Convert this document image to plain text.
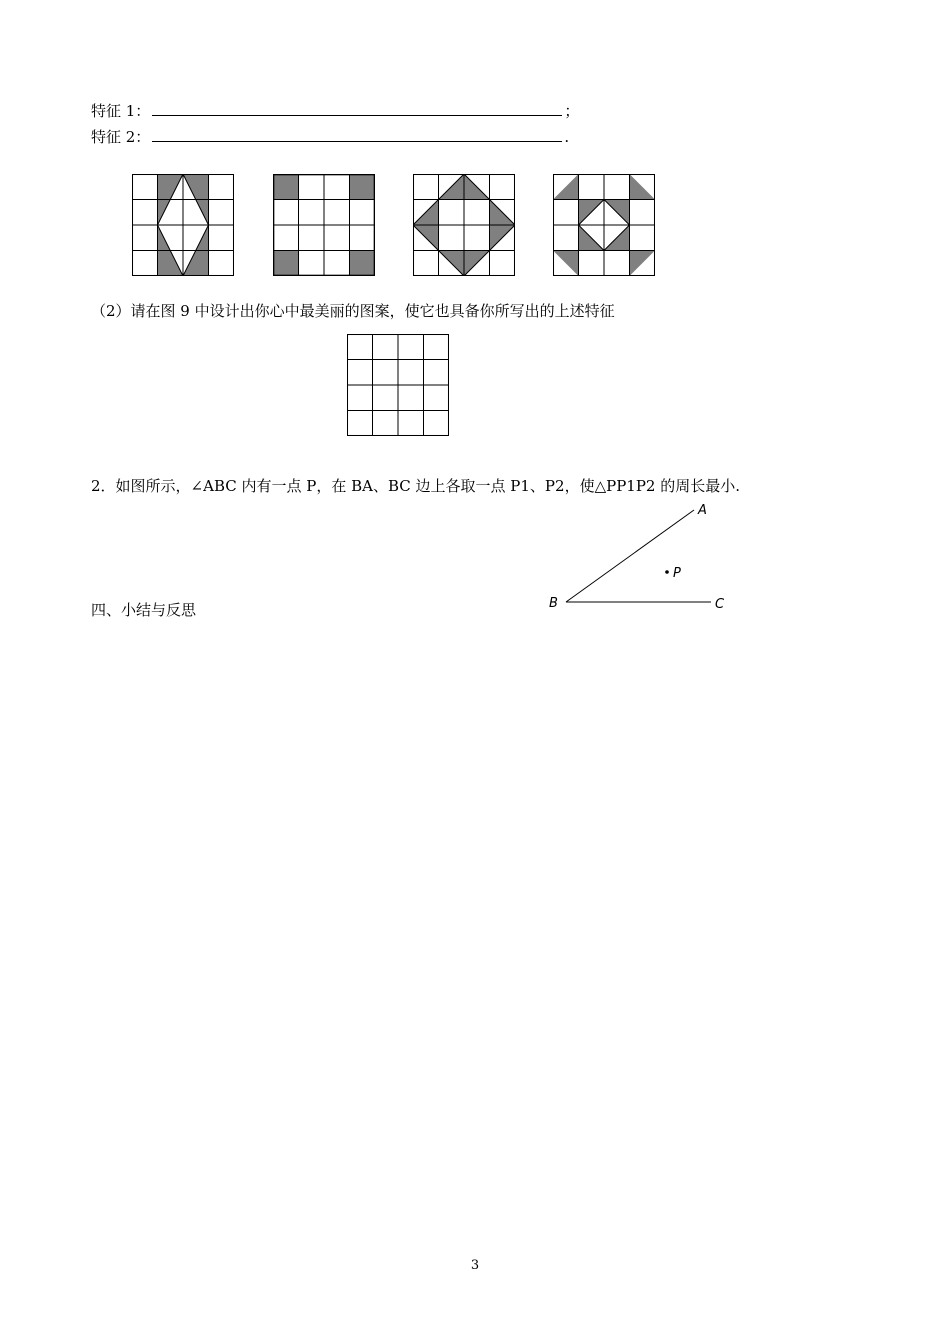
特征 1：	；
特征 2：	.
（2）请在图 9 中设计出你心中最美丽的图案，使它也具备你所写出的上述特征
2．如图所示，∠ABC 内有一点 P，在 BA、BC 边上各取一点 P1、P2，使△PP1P2 的周长最小.
A
B	C
P
四、小结与反思
3
